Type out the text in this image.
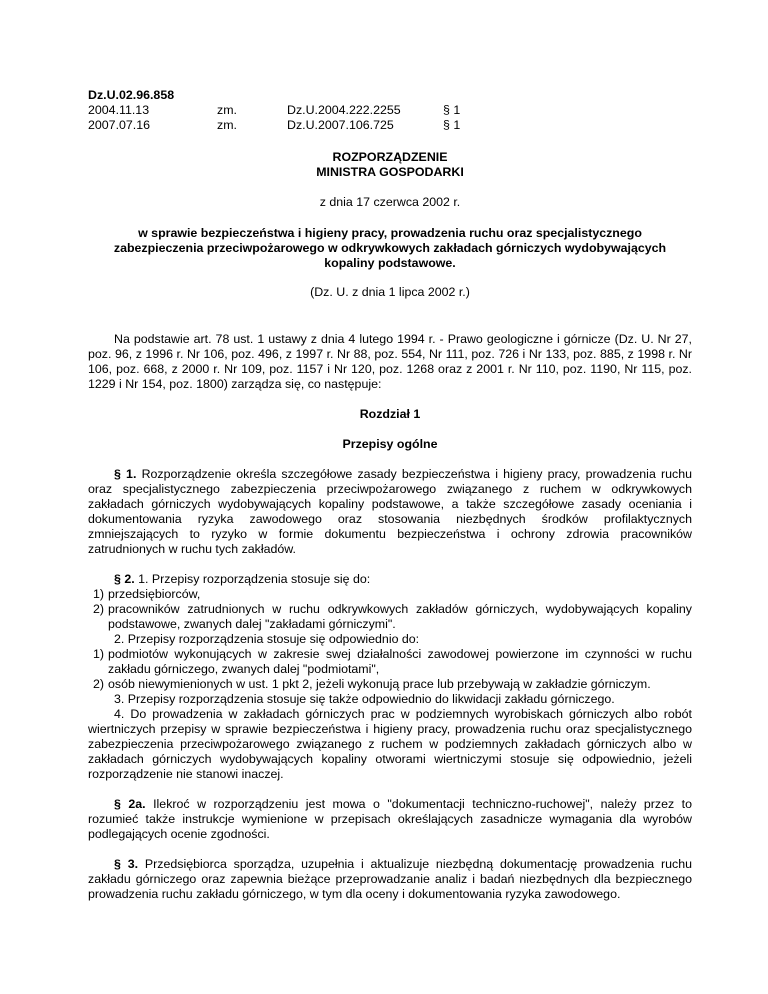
Dz.U.02.96.858
2004.11.13	zm.	Dz.U.2004.222.2255	§ 1
2007.07.16	zm.	Dz.U.2007.106.725	§ 1
ROZPORZĄDZENIE
MINISTRA GOSPODARKI
z dnia 17 czerwca 2002 r.
w sprawie bezpieczeństwa i higieny pracy, prowadzenia ruchu oraz specjalistycznego zabezpieczenia przeciwpożarowego w odkrywkowych zakładach górniczych wydobywających kopaliny podstawowe.
(Dz. U. z dnia 1 lipca 2002 r.)
Na podstawie art. 78 ust. 1 ustawy z dnia 4 lutego 1994 r. - Prawo geologiczne i górnicze (Dz. U. Nr 27, poz. 96, z 1996 r. Nr 106, poz. 496, z 1997 r. Nr 88, poz. 554, Nr 111, poz. 726 i Nr 133, poz. 885, z 1998 r. Nr 106, poz. 668, z 2000 r. Nr 109, poz. 1157 i Nr 120, poz. 1268 oraz z 2001 r. Nr 110, poz. 1190, Nr 115, poz. 1229 i Nr 154, poz. 1800) zarządza się, co następuje:
Rozdział 1
Przepisy ogólne
§ 1. Rozporządzenie określa szczegółowe zasady bezpieczeństwa i higieny pracy, prowadzenia ruchu oraz specjalistycznego zabezpieczenia przeciwpożarowego związanego z ruchem w odkrywkowych zakładach górniczych wydobywających kopaliny podstawowe, a także szczegółowe zasady oceniania i dokumentowania ryzyka zawodowego oraz stosowania niezbędnych środków profilaktycznych zmniejszających to ryzyko w formie dokumentu bezpieczeństwa i ochrony zdrowia pracowników zatrudnionych w ruchu tych zakładów.
§ 2. 1. Przepisy rozporządzenia stosuje się do:
1) przedsiębiorców,
2) pracowników zatrudnionych w ruchu odkrywkowych zakładów górniczych, wydobywających kopaliny podstawowe, zwanych dalej "zakładami górniczymi".
2. Przepisy rozporządzenia stosuje się odpowiednio do:
1) podmiotów wykonujących w zakresie swej działalności zawodowej powierzone im czynności w ruchu zakładu górniczego, zwanych dalej "podmiotami",
2) osób niewymienionych w ust. 1 pkt 2, jeżeli wykonują prace lub przebywają w zakładzie górniczym.
3. Przepisy rozporządzenia stosuje się także odpowiednio do likwidacji zakładu górniczego.
4. Do prowadzenia w zakładach górniczych prac w podziemnych wyrobiskach górniczych albo robót wiertniczych przepisy w sprawie bezpieczeństwa i higieny pracy, prowadzenia ruchu oraz specjalistycznego zabezpieczenia przeciwpożarowego związanego z ruchem w podziemnych zakładach górniczych albo w zakładach górniczych wydobywających kopaliny otworami wiertniczymi stosuje się odpowiednio, jeżeli rozporządzenie nie stanowi inaczej.
§ 2a. Ilekroć w rozporządzeniu jest mowa o "dokumentacji techniczno-ruchowej", należy przez to rozumieć także instrukcje wymienione w przepisach określających zasadnicze wymagania dla wyrobów podlegających ocenie zgodności.
§ 3. Przedsiębiorca sporządza, uzupełnia i aktualizuje niezbędną dokumentację prowadzenia ruchu zakładu górniczego oraz zapewnia bieżące przeprowadzanie analiz i badań niezbędnych dla bezpiecznego prowadzenia ruchu zakładu górniczego, w tym dla oceny i dokumentowania ryzyka zawodowego.
